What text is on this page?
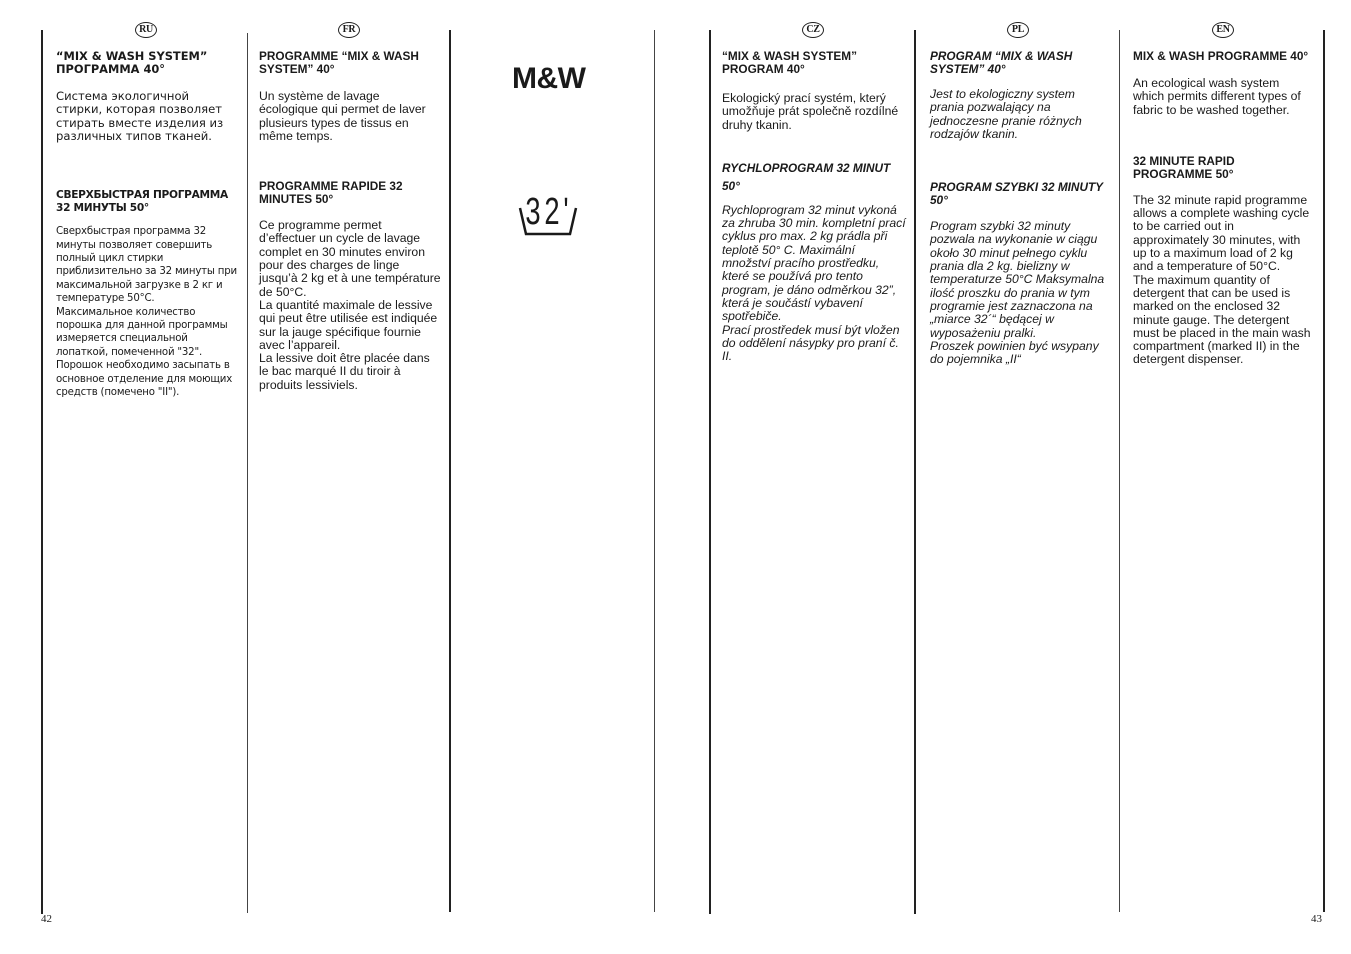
RU	FR	CZ	PL	EN
“MIX & WASH SYSTEM” ПРОГРАММА 40°

Система экологичной стирки, которая позволяет стирать вместе изделия из различных типов тканей.

СВЕРХБЫСТРАЯ ПРОГРАММА 32 МИНУТЫ 50°

Сверхбыстрая программа 32 минуты позволяет совершить полный цикл стирки приблизительно за 32 минуты при максимальной загрузке в 2 кг и температуре 50°С.

Максимальное количество порошка для данной программы измеряется специальной лопаткой, помеченной "32". Порошок необходимо засыпать в основное отделение для моющих средств (помечено "II").

PROGRAMME “MIX & WASH SYSTEM” 40°

Un système de lavage écologique qui permet de laver plusieurs types de tissus en même temps.

PROGRAMME RAPIDE 32 MINUTES 50°

Ce programme permet d’effectuer un cycle de lavage complet en 30 minutes environ pour des charges de linge jusqu’à 2 kg et à une température de 50°C.

La quantité maximale de lessive qui peut être utilisée est indiquée sur la jauge spécifique fournie avec l’appareil.

La lessive doit être placée dans le bac marqué II du tiroir à produits lessiviels.

M&W
32'
“MIX & WASH SYSTEM” PROGRAM 40°

Ekologický prací systém, který umožňuje prát společně rozdílné druhy tkanin.

RYCHLOPROGRAM 32 MINUT 50°

Rychloprogram 32 minut vykoná za zhruba 30 min. kompletní prací cyklus pro max. 2 kg prádla při teplotě 50° C. Maximální množství pracího prostředku, které se používá pro tento program, je dáno odměrkou 32”, která je součástí vybavení spotřebiče.

Prací prostředek musí být vložen do oddělení násypky pro praní č. II.

PROGRAM “MIX & WASH SYSTEM” 40°

Jest to ekologiczny system prania pozwalający na jednoczesne pranie różnych rodzajów tkanin.

PROGRAM SZYBKI 32 MINUTY 50°

Program szybki 32 minuty pozwala na wykonanie w ciągu około 30 minut pełnego cyklu prania dla 2 kg. bielizny w temperaturze 50°C Maksymalna ilość proszku do prania w tym programie jest zaznaczona na „miarce 32´“ będącej w wyposażeniu pralki.

Proszek powinien być wsypany do pojemnika „II“

MIX & WASH PROGRAMME 40°

An ecological wash system which permits different types of fabric to be washed together.

32 MINUTE RAPID PROGRAMME 50°

The 32 minute rapid programme allows a complete washing cycle to be carried out in approximately 30 minutes, with up to a maximum load of 2 kg and a temperature of 50°C.

The maximum quantity of detergent that can be used is marked on the enclosed 32 minute gauge. The detergent must be placed in the main wash compartment (marked II) in the detergent dispenser.

42	43
